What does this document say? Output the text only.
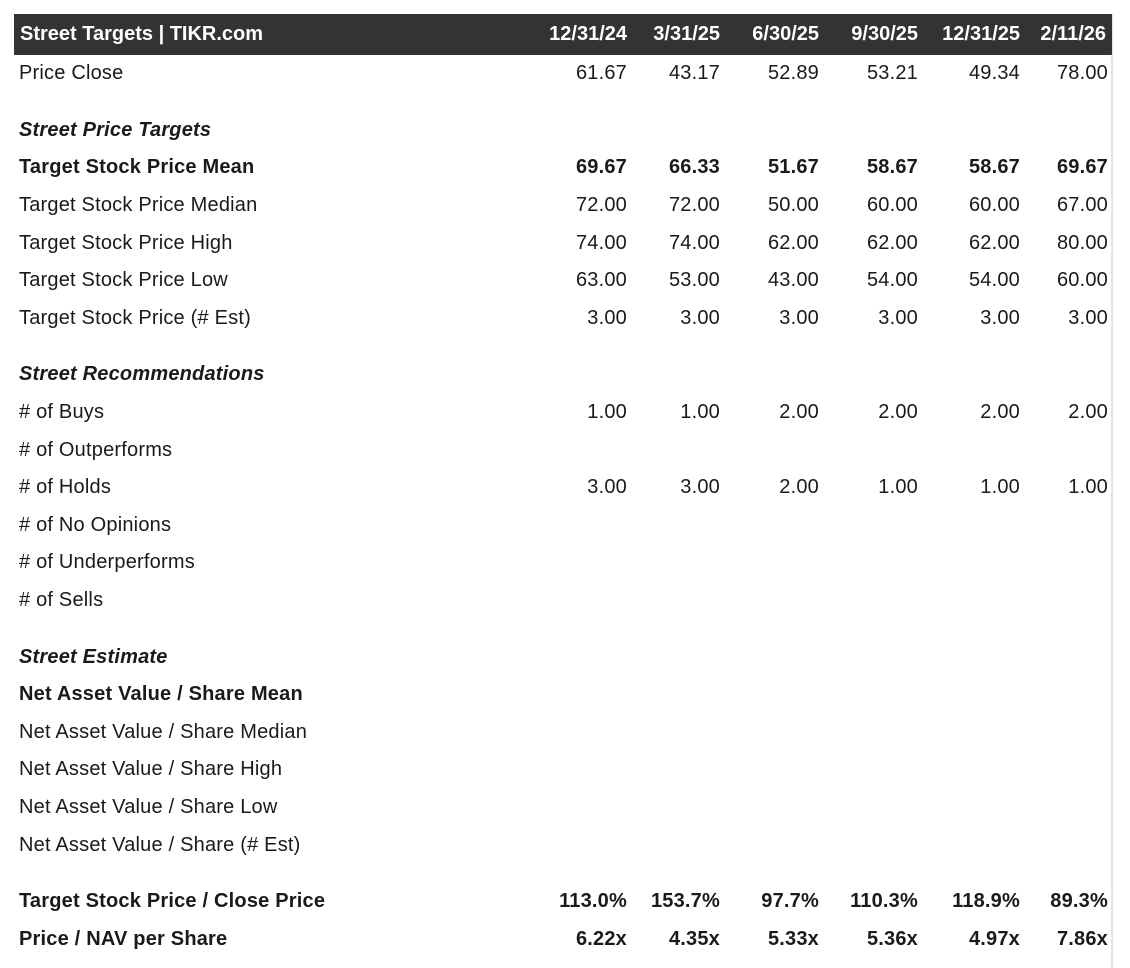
Street Targets | TIKR.com	12/31/24	3/31/25	6/30/25	9/30/25	12/31/25	2/11/26
Price Close	61.67	43.17	52.89	53.21	49.34	78.00

Street Price Targets						
Target Stock Price Mean	69.67	66.33	51.67	58.67	58.67	69.67
Target Stock Price Median	72.00	72.00	50.00	60.00	60.00	67.00
Target Stock Price High	74.00	74.00	62.00	62.00	62.00	80.00
Target Stock Price Low	63.00	53.00	43.00	54.00	54.00	60.00
Target Stock Price (# Est)	3.00	3.00	3.00	3.00	3.00	3.00

Street Recommendations						
# of Buys	1.00	1.00	2.00	2.00	2.00	2.00
# of Outperforms						
# of Holds	3.00	3.00	2.00	1.00	1.00	1.00
# of No Opinions						
# of Underperforms						
# of Sells						

Street Estimate						
Net Asset Value / Share Mean						
Net Asset Value / Share Median						
Net Asset Value / Share High						
Net Asset Value / Share Low						
Net Asset Value / Share (# Est)						

Target Stock Price / Close Price	113.0%	153.7%	97.7%	110.3%	118.9%	89.3%
Price / NAV per Share	6.22x	4.35x	5.33x	5.36x	4.97x	7.86x
